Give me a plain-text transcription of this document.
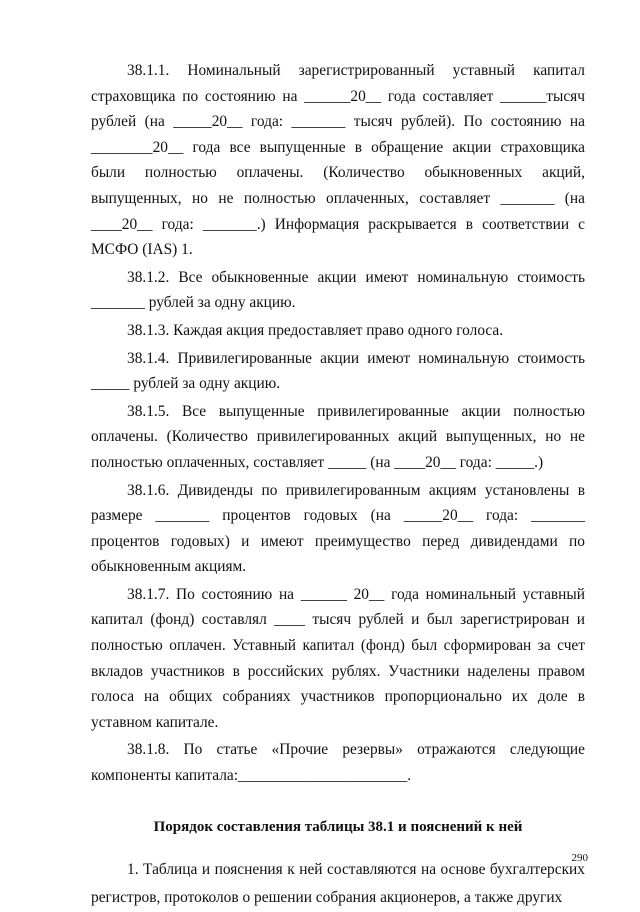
38.1.1. Номинальный зарегистрированный уставный капитал страховщика по состоянию на ______20__ года составляет ______тысяч рублей (на _____20__ года: _______ тысяч рублей). По состоянию на ________20__ года все выпущенные в обращение акции страховщика были полностью оплачены. (Количество обыкновенных акций, выпущенных, но не полностью оплаченных, составляет _______ (на ____20__ года: _______.) Информация раскрывается в соответствии с МСФО (IAS) 1.

38.1.2. Все обыкновенные акции имеют номинальную стоимость _______ рублей за одну акцию.

38.1.3. Каждая акция предоставляет право одного голоса.

38.1.4. Привилегированные акции имеют номинальную стоимость _____ рублей за одну акцию.

38.1.5. Все выпущенные привилегированные акции полностью оплачены. (Количество привилегированных акций выпущенных, но не полностью оплаченных, составляет _____ (на ____20__ года: _____.)

38.1.6. Дивиденды по привилегированным акциям установлены в размере _______ процентов годовых (на _____20__ года: _______ процентов годовых) и имеют преимущество перед дивидендами по обыкновенным акциям.

38.1.7. По состоянию на ______ 20__ года номинальный уставный капитал (фонд) составлял ____ тысяч рублей и был зарегистрирован и полностью оплачен. Уставный капитал (фонд) был сформирован за счет вкладов участников в российских рублях. Участники наделены правом голоса на общих собраниях участников пропорционально их доле в уставном капитале.

38.1.8. По статье «Прочие резервы» отражаются следующие компоненты капитала:______________________.

Порядок составления таблицы 38.1 и пояснений к ней

1. Таблица и пояснения к ней составляются на основе бухгалтерских регистров, протоколов о решении собрания акционеров, а также других

290
